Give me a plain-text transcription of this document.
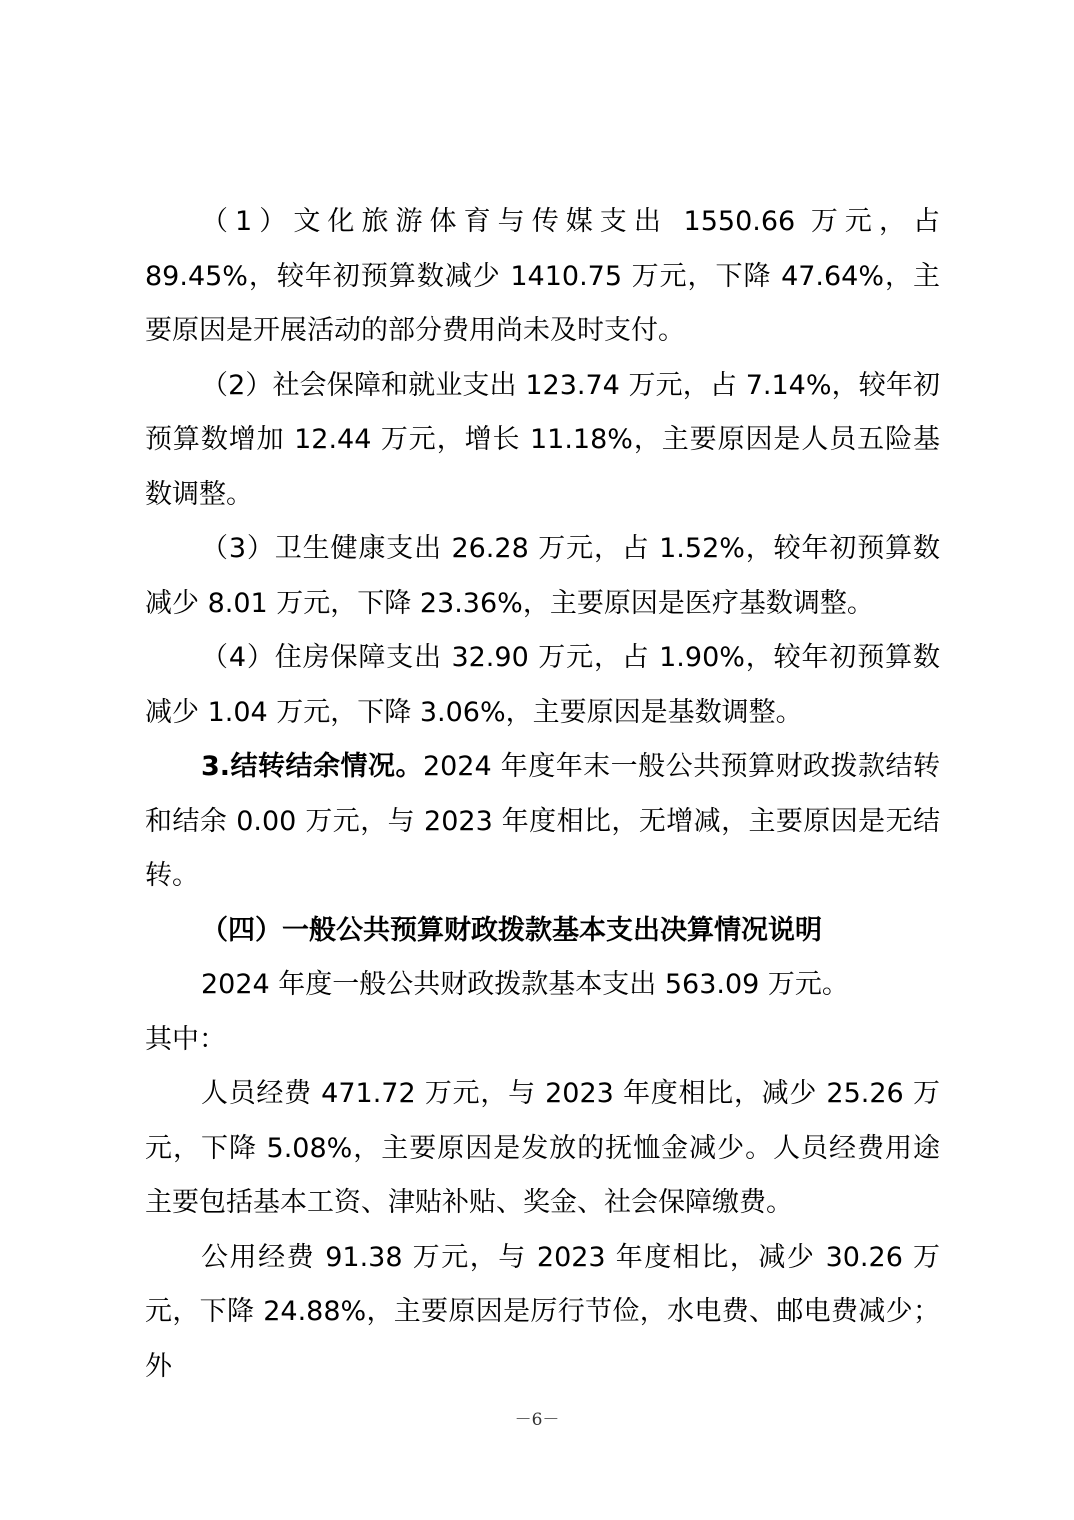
（1）文化旅游体育与传媒支出 1550.66 万元，占 89.45%，较年初预算数减少 1410.75 万元，下降 47.64%，主要原因是开展活动的部分费用尚未及时支付。

（2）社会保障和就业支出 123.74 万元，占 7.14%，较年初预算数增加 12.44 万元，增长 11.18%，主要原因是人员五险基数调整。

（3）卫生健康支出 26.28 万元，占 1.52%，较年初预算数减少 8.01 万元，下降 23.36%，主要原因是医疗基数调整。

（4）住房保障支出 32.90 万元，占 1.90%，较年初预算数减少 1.04 万元，下降 3.06%，主要原因是基数调整。

3.结转结余情况。2024 年度年末一般公共预算财政拨款结转和结余 0.00 万元，与 2023 年度相比，无增减，主要原因是无结转。

（四）一般公共预算财政拨款基本支出决算情况说明

2024 年度一般公共财政拨款基本支出 563.09 万元。

其中：

人员经费 471.72 万元，与 2023 年度相比，减少 25.26 万元，下降 5.08%，主要原因是发放的抚恤金减少。人员经费用途主要包括基本工资、津贴补贴、奖金、社会保障缴费。

公用经费 91.38 万元，与 2023 年度相比，减少 30.26 万元，下降 24.88%，主要原因是厉行节俭，水电费、邮电费减少；外

－6－
